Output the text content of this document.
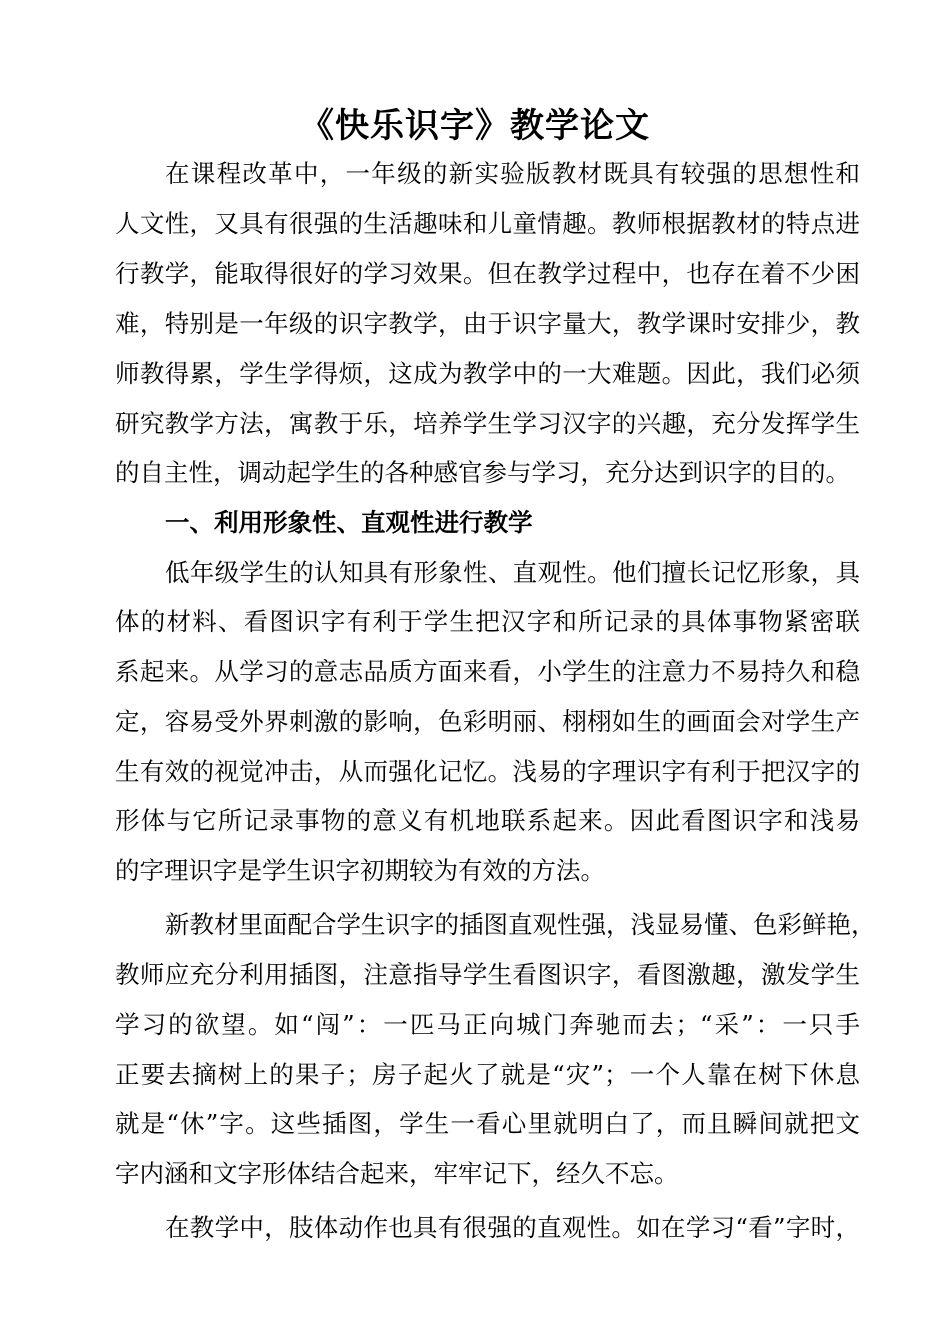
《快乐识字》教学论文
在课程改革中，一年级的新实验版教材既具有较强的思想性和
人文性，又具有很强的生活趣味和儿童情趣。教师根据教材的特点进
行教学，能取得很好的学习效果。但在教学过程中，也存在着不少困
难，特别是一年级的识字教学，由于识字量大，教学课时安排少，教
师教得累，学生学得烦，这成为教学中的一大难题。因此，我们必须
研究教学方法，寓教于乐，培养学生学习汉字的兴趣，充分发挥学生
的自主性，调动起学生的各种感官参与学习，充分达到识字的目的。
一、利用形象性、直观性进行教学
低年级学生的认知具有形象性、直观性。他们擅长记忆形象，具
体的材料、看图识字有利于学生把汉字和所记录的具体事物紧密联
系起来。从学习的意志品质方面来看，小学生的注意力不易持久和稳
定，容易受外界刺激的影响，色彩明丽、栩栩如生的画面会对学生产
生有效的视觉冲击，从而强化记忆。浅易的字理识字有利于把汉字的
形体与它所记录事物的意义有机地联系起来。因此看图识字和浅易
的字理识字是学生识字初期较为有效的方法。
新教材里面配合学生识字的插图直观性强，浅显易懂、色彩鲜艳，
教师应充分利用插图，注意指导学生看图识字，看图激趣，激发学生
学习的欲望。如“闯”：一匹马正向城门奔驰而去；“采”：一只手
正要去摘树上的果子；房子起火了就是“灾”；一个人靠在树下休息
就是“休”字。这些插图，学生一看心里就明白了，而且瞬间就把文
字内涵和文字形体结合起来，牢牢记下，经久不忘。
在教学中，肢体动作也具有很强的直观性。如在学习“看”字时，
